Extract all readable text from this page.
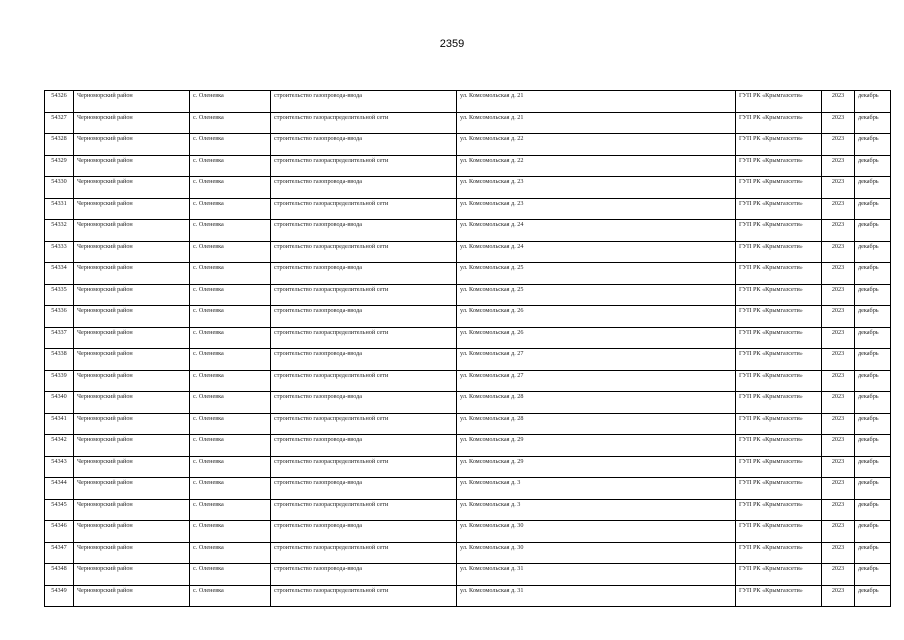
2359
54326	Черноморский район	с. Оленевка	строительство газопровода-ввода	ул. Комсомольская д. 21	ГУП РК «Крымгазсети»	2023	декабрь
54327	Черноморский район	с. Оленевка	строительство газораспределительной сети	ул. Комсомольская д. 21	ГУП РК «Крымгазсети»	2023	декабрь
54328	Черноморский район	с. Оленевка	строительство газопровода-ввода	ул. Комсомольская д. 22	ГУП РК «Крымгазсети»	2023	декабрь
54329	Черноморский район	с. Оленевка	строительство газораспределительной сети	ул. Комсомольская д. 22	ГУП РК «Крымгазсети»	2023	декабрь
54330	Черноморский район	с. Оленевка	строительство газопровода-ввода	ул. Комсомольская д. 23	ГУП РК «Крымгазсети»	2023	декабрь
54331	Черноморский район	с. Оленевка	строительство газораспределительной сети	ул. Комсомольская д. 23	ГУП РК «Крымгазсети»	2023	декабрь
54332	Черноморский район	с. Оленевка	строительство газопровода-ввода	ул. Комсомольская д. 24	ГУП РК «Крымгазсети»	2023	декабрь
54333	Черноморский район	с. Оленевка	строительство газораспределительной сети	ул. Комсомольская д. 24	ГУП РК «Крымгазсети»	2023	декабрь
54334	Черноморский район	с. Оленевка	строительство газопровода-ввода	ул. Комсомольская д. 25	ГУП РК «Крымгазсети»	2023	декабрь
54335	Черноморский район	с. Оленевка	строительство газораспределительной сети	ул. Комсомольская д. 25	ГУП РК «Крымгазсети»	2023	декабрь
54336	Черноморский район	с. Оленевка	строительство газопровода-ввода	ул. Комсомольская д. 26	ГУП РК «Крымгазсети»	2023	декабрь
54337	Черноморский район	с. Оленевка	строительство газораспределительной сети	ул. Комсомольская д. 26	ГУП РК «Крымгазсети»	2023	декабрь
54338	Черноморский район	с. Оленевка	строительство газопровода-ввода	ул. Комсомольская д. 27	ГУП РК «Крымгазсети»	2023	декабрь
54339	Черноморский район	с. Оленевка	строительство газораспределительной сети	ул. Комсомольская д. 27	ГУП РК «Крымгазсети»	2023	декабрь
54340	Черноморский район	с. Оленевка	строительство газопровода-ввода	ул. Комсомольская д. 28	ГУП РК «Крымгазсети»	2023	декабрь
54341	Черноморский район	с. Оленевка	строительство газораспределительной сети	ул. Комсомольская д. 28	ГУП РК «Крымгазсети»	2023	декабрь
54342	Черноморский район	с. Оленевка	строительство газопровода-ввода	ул. Комсомольская д. 29	ГУП РК «Крымгазсети»	2023	декабрь
54343	Черноморский район	с. Оленевка	строительство газораспределительной сети	ул. Комсомольская д. 29	ГУП РК «Крымгазсети»	2023	декабрь
54344	Черноморский район	с. Оленевка	строительство газопровода-ввода	ул. Комсомольская д. 3	ГУП РК «Крымгазсети»	2023	декабрь
54345	Черноморский район	с. Оленевка	строительство газораспределительной сети	ул. Комсомольская д. 3	ГУП РК «Крымгазсети»	2023	декабрь
54346	Черноморский район	с. Оленевка	строительство газопровода-ввода	ул. Комсомольская д. 30	ГУП РК «Крымгазсети»	2023	декабрь
54347	Черноморский район	с. Оленевка	строительство газораспределительной сети	ул. Комсомольская д. 30	ГУП РК «Крымгазсети»	2023	декабрь
54348	Черноморский район	с. Оленевка	строительство газопровода-ввода	ул. Комсомольская д. 31	ГУП РК «Крымгазсети»	2023	декабрь
54349	Черноморский район	с. Оленевка	строительство газораспределительной сети	ул. Комсомольская д. 31	ГУП РК «Крымгазсети»	2023	декабрь
